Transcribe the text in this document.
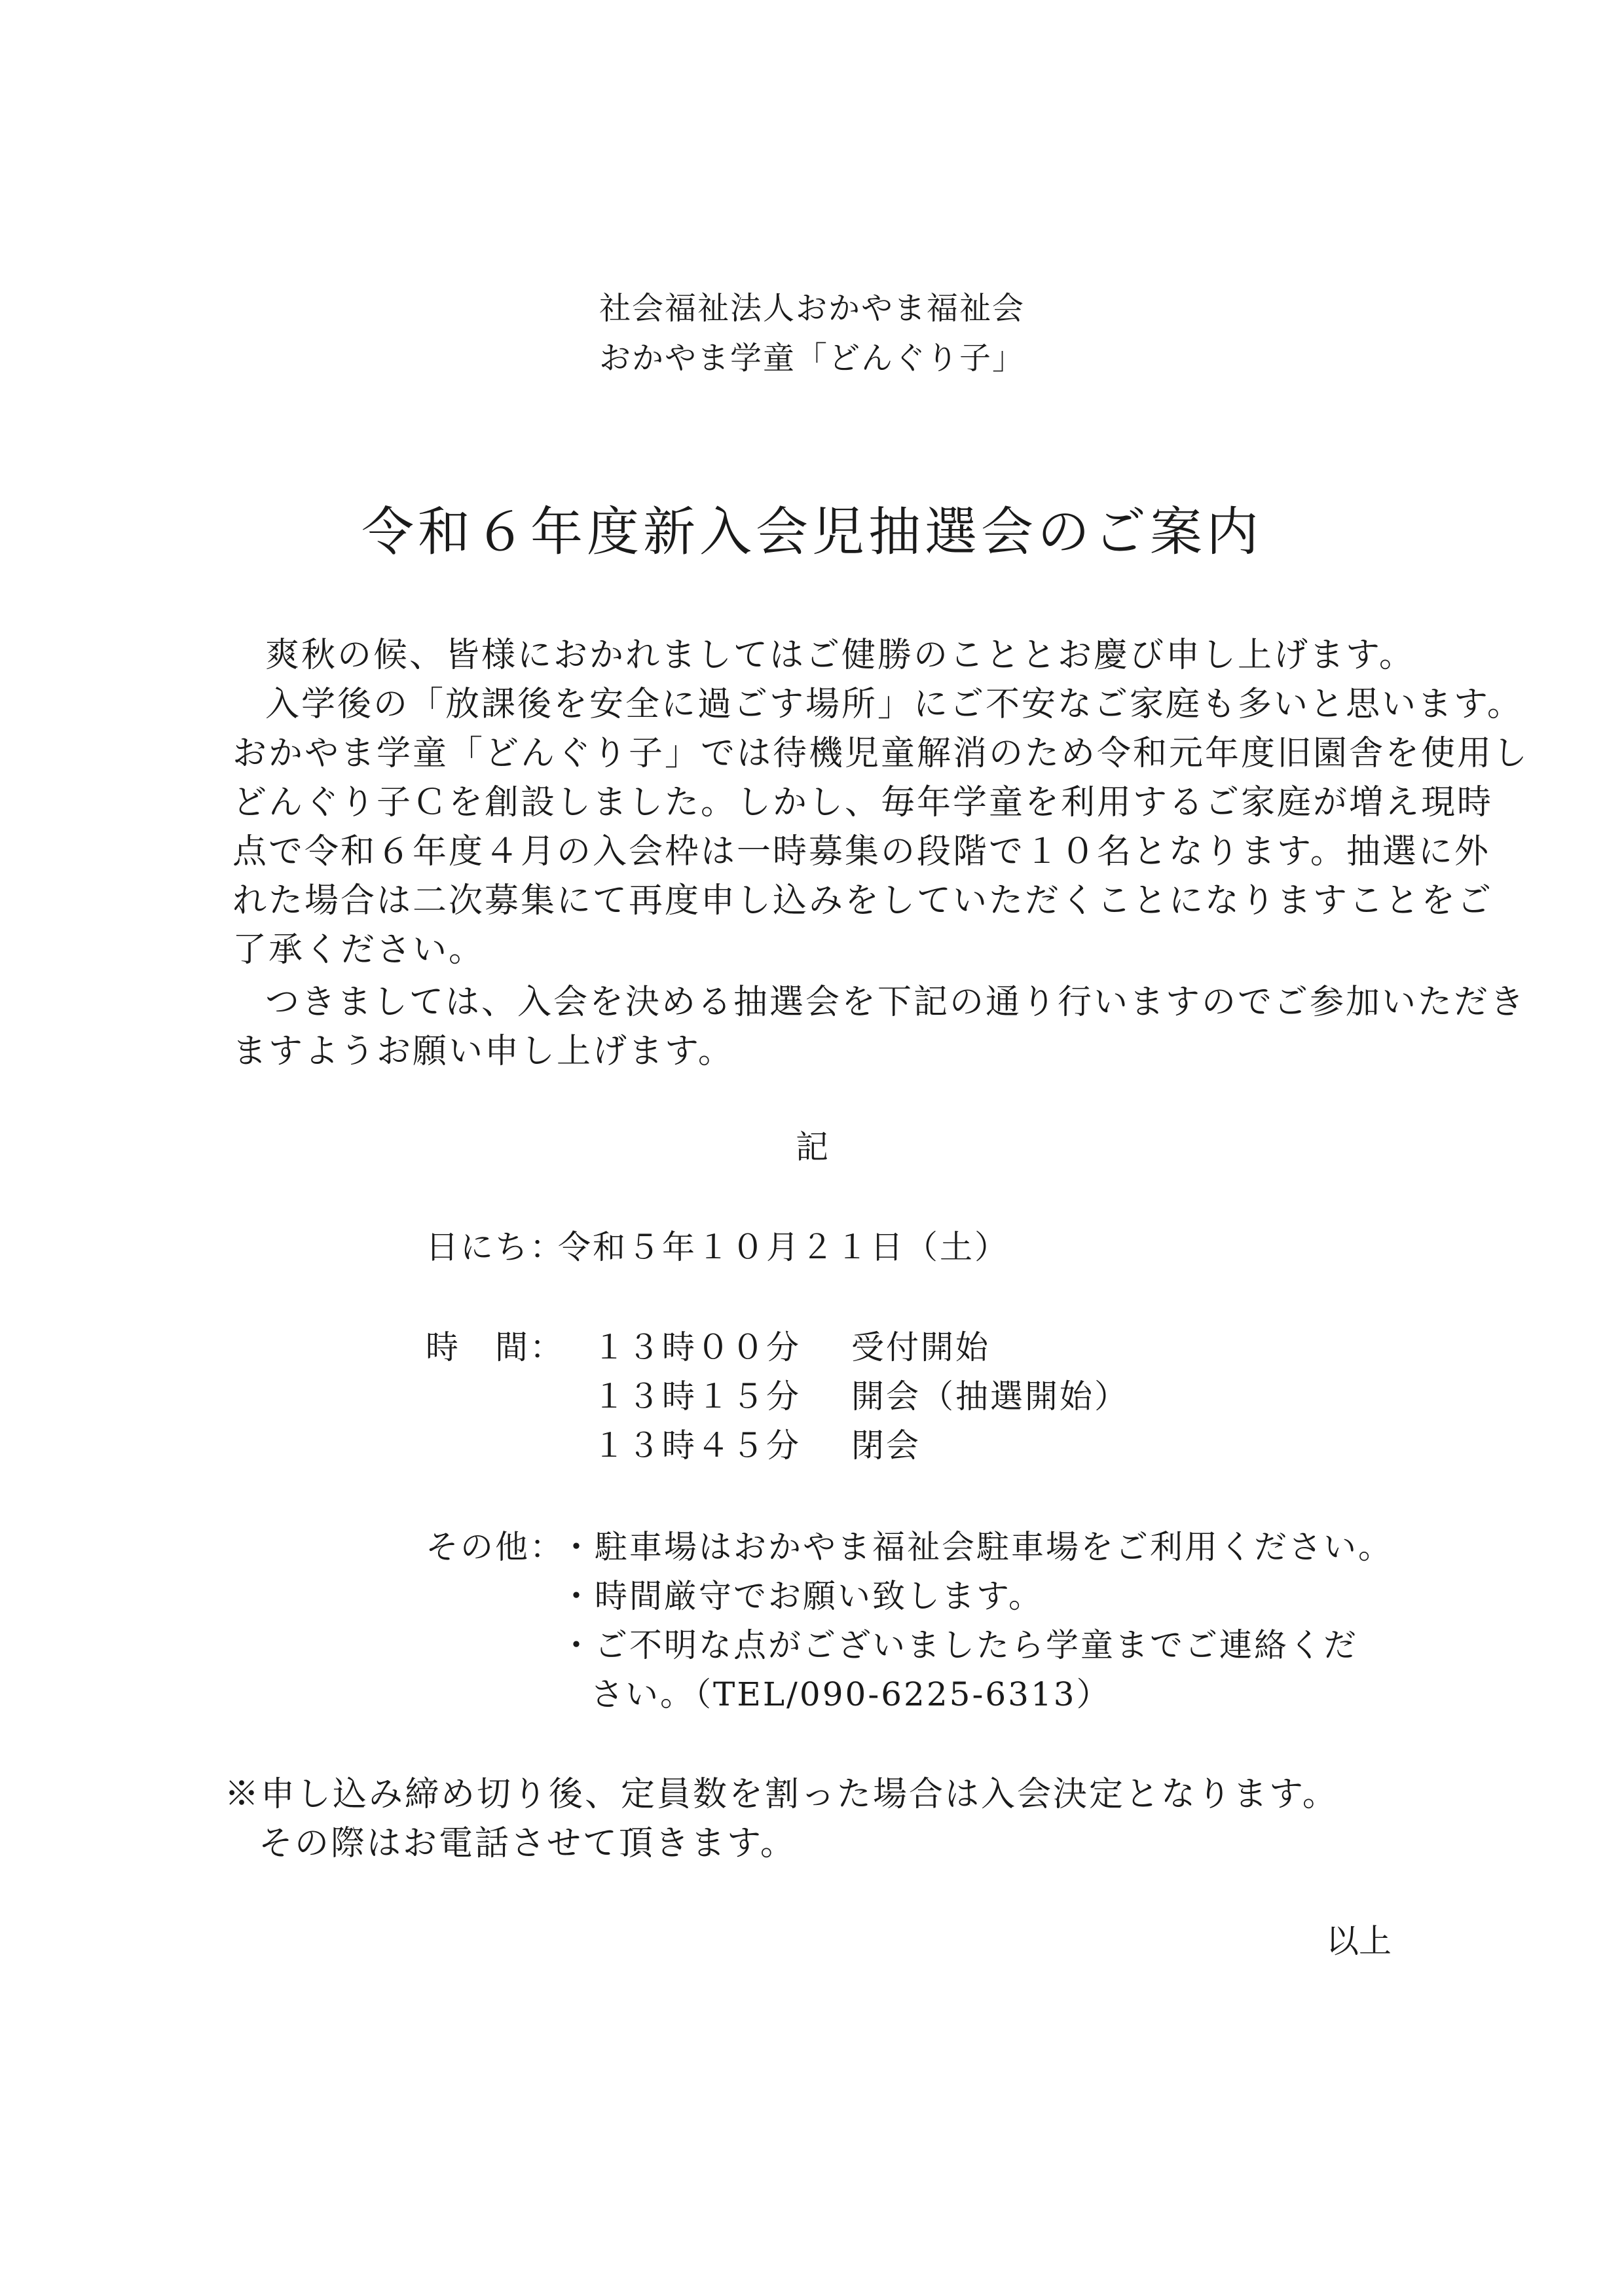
社会福祉法人おかやま福祉会
おかやま学童「どんぐり子」
令和６年度新入会児抽選会のご案内
爽秋の候、皆様におかれましてはご健勝のこととお慶び申し上げます。
入学後の「放課後を安全に過ごす場所」にご不安なご家庭も多いと思います。
おかやま学童「どんぐり子」では待機児童解消のため令和元年度旧園舎を使用し
どんぐり子Ｃを創設しました。しかし、毎年学童を利用するご家庭が増え現時
点で令和６年度４月の入会枠は一時募集の段階で１０名となります。抽選に外
れた場合は二次募集にて再度申し込みをしていただくことになりますことをご
了承ください。
つきましては、入会を決める抽選会を下記の通り行いますのでご参加いただき
ますようお願い申し上げます。
記
日にち：
令和５年１０月２１日（土）
時　間： １３時００分 受付開始
１３時１５分 開会（抽選開始）
１３時４５分 閉会
その他：
・駐車場はおかやま福祉会駐車場をご利用ください。
・時間厳守でお願い致します。
・ご不明な点がございましたら学童までご連絡くだ
さい。（TEL/090-6225-6313）
※申し込み締め切り後、定員数を割った場合は入会決定となります。
その際はお電話させて頂きます。
以上
